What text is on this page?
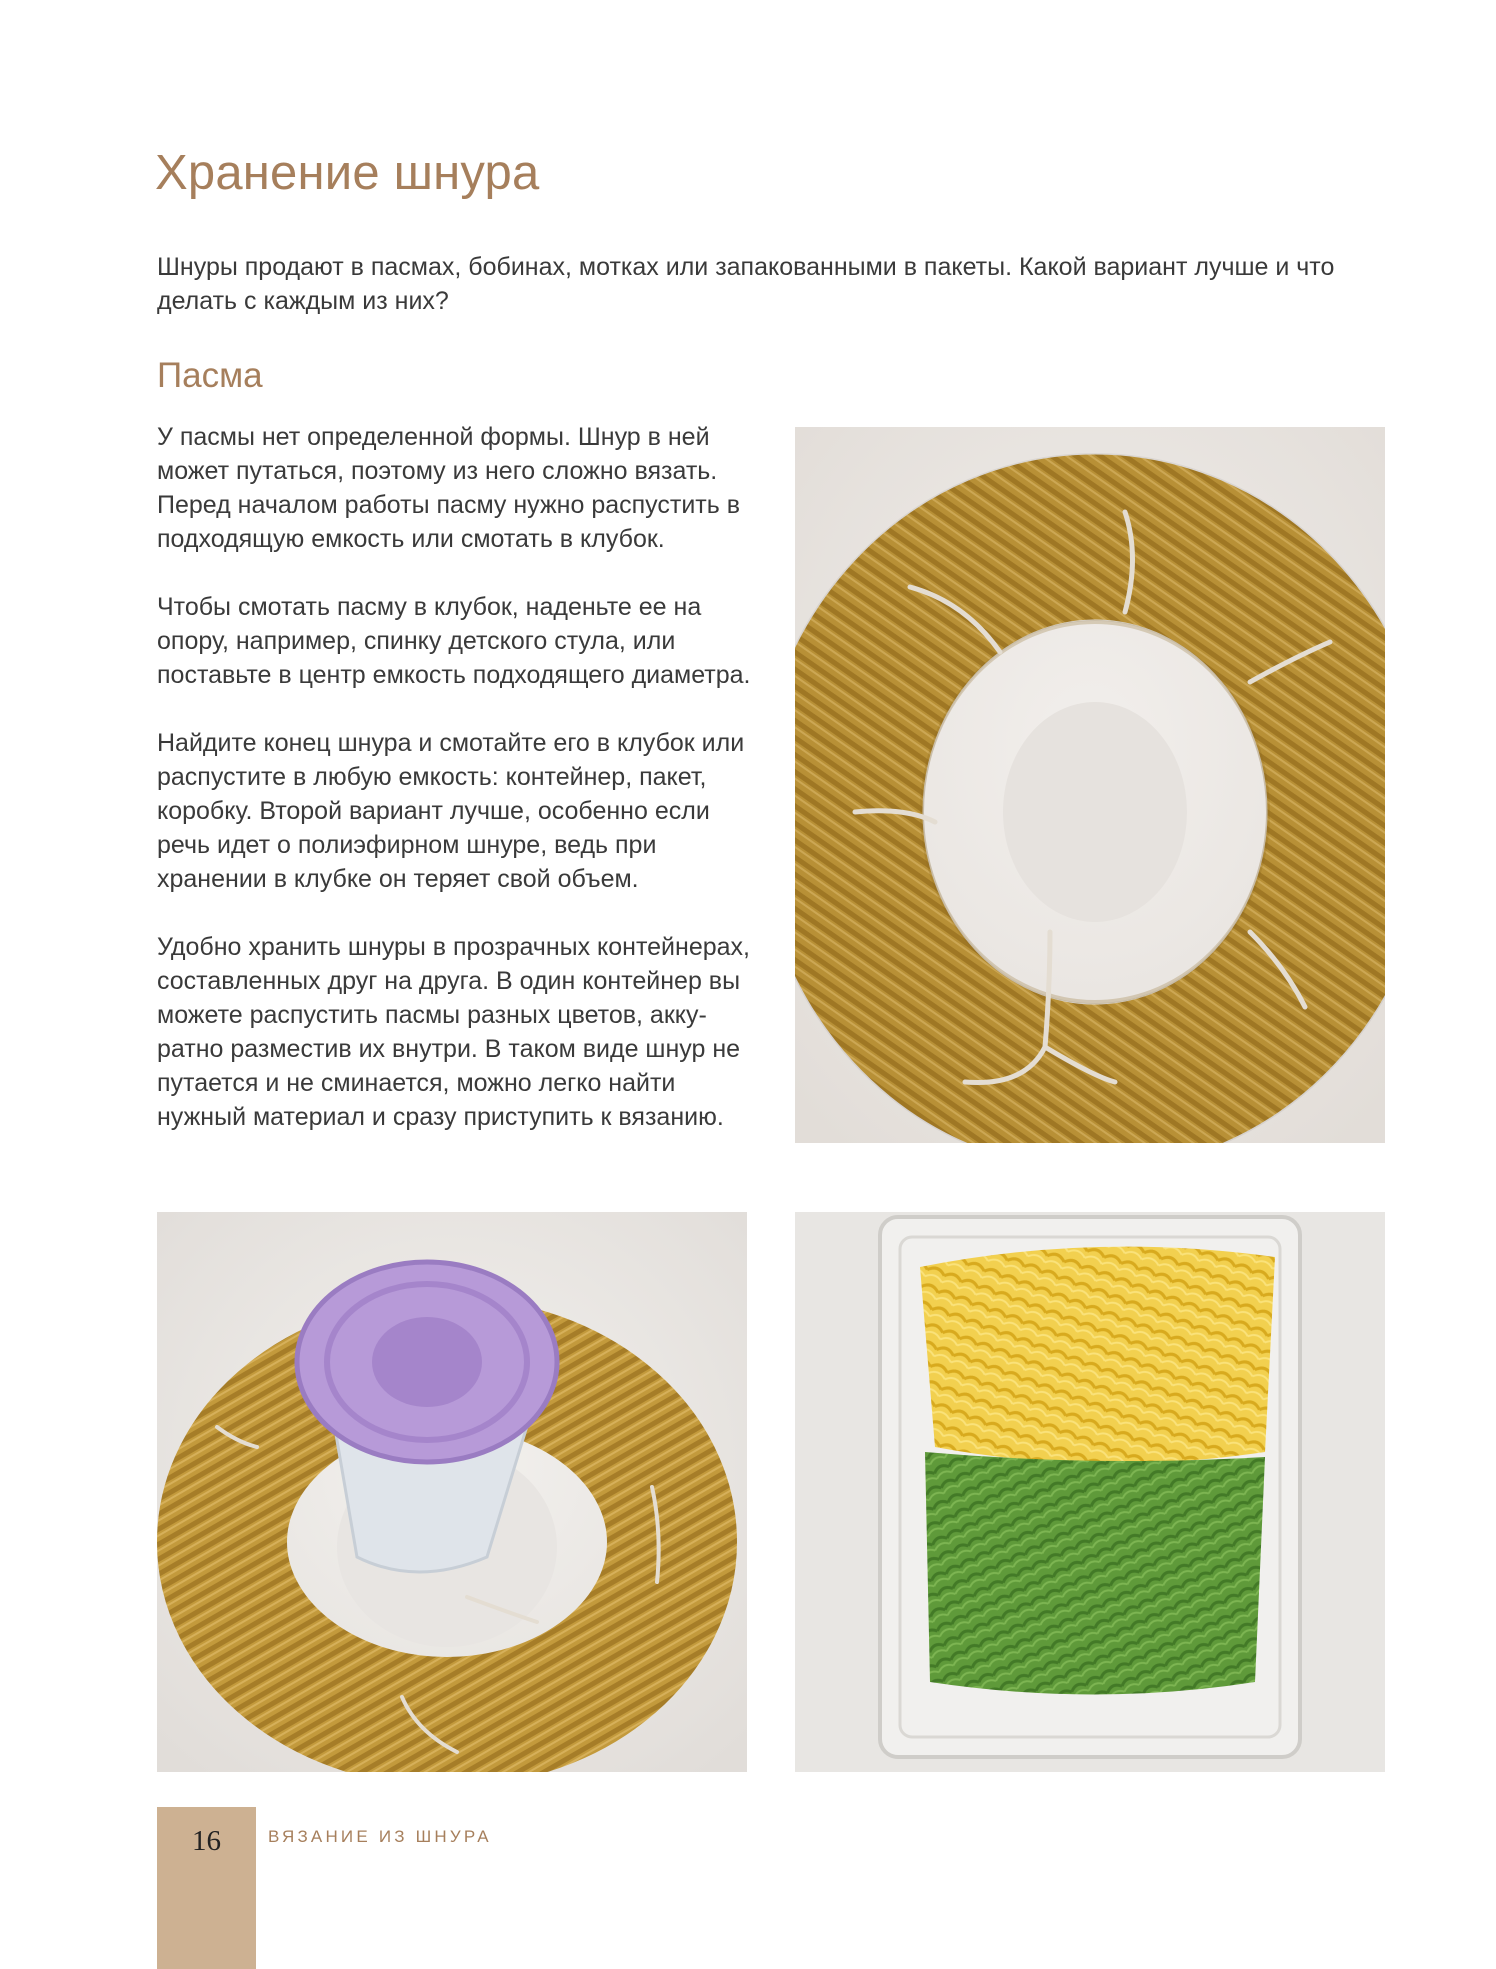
Хранение шнура
Шнуры продают в пасмах, бобинах, мотках или запакованными в пакеты. Какой вариант лучше и что делать с каждым из них?
Пасма

У пасмы нет определенной формы. Шнур в ней может путаться, поэтому из него сложно вязать. Перед началом работы пасму нужно распустить в подходящую емкость или смотать в клубок.

Чтобы смотать пасму в клубок, наденьте ее на опору, например, спинку детского стула, или поставьте в центр емкость подходящего диаметра.

Найдите конец шнура и смотайте его в клубок или распустите в любую емкость: контейнер, пакет, коробку. Второй вариант лучше, особенно если речь идет о полиэфирном шнуре, ведь при хранении в клубке он теряет свой объем.

Удобно хранить шнуры в прозрачных контейнерах, составленных друг на друга. В один контейнер вы можете распустить пасмы разных цветов, аккуратно разместив их внутри. В таком виде шнур не путается и не сминается, можно легко найти нужный материал и сразу приступить к вязанию.

16	ВЯЗАНИЕ ИЗ ШНУРА
